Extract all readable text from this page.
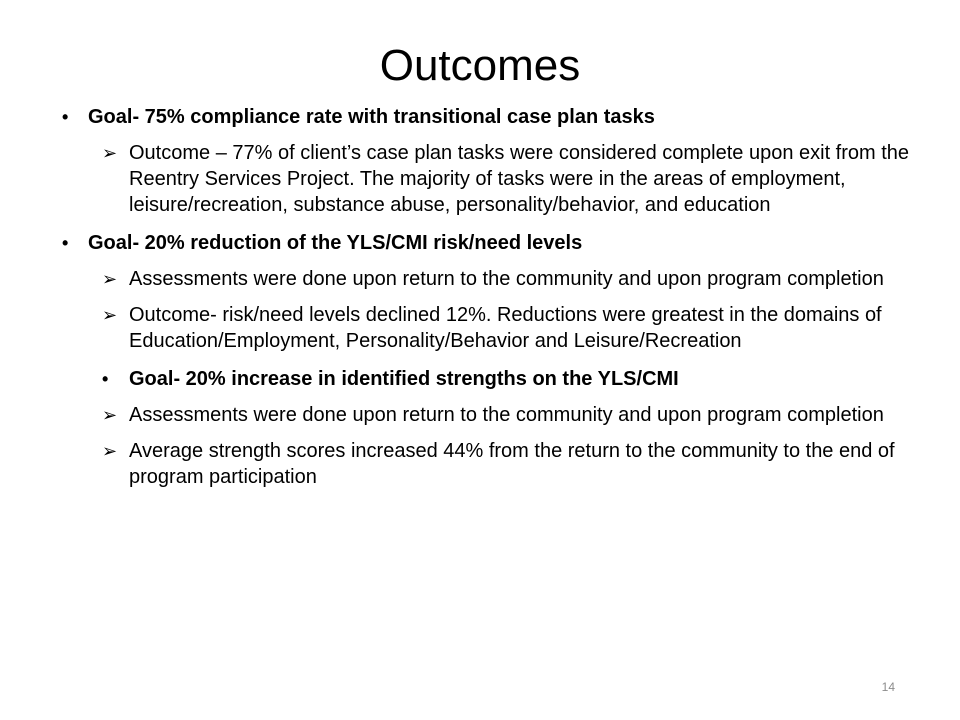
Outcomes
• Goal- 75% compliance rate with transitional case plan tasks
➢ Outcome – 77% of client’s case plan tasks were considered complete upon exit from the Reentry Services Project. The majority of tasks were in the areas of employment, leisure/recreation, substance abuse, personality/behavior, and education
• Goal- 20% reduction of the YLS/CMI risk/need levels
➢ Assessments were done upon return to the community and upon program completion
➢ Outcome- risk/need levels declined 12%. Reductions were greatest in the domains of Education/Employment, Personality/Behavior and Leisure/Recreation
• Goal- 20% increase in identified strengths on the YLS/CMI
➢ Assessments were done upon return to the community and upon program completion
➢ Average strength scores increased 44% from the return to the community to the end of program participation
14
